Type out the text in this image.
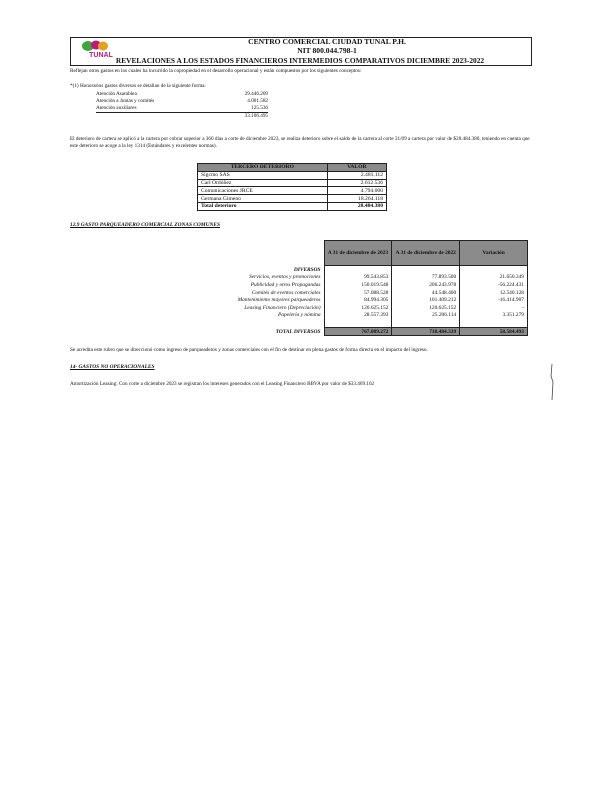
TUNAL
CENTRO COMERCIAL CIUDAD TUNAL P.H.
NIT 800.044.798-1
REVELACIONES A LOS ESTADOS FINANCIEROS INTERMEDIOS COMPARATIVOS DICIEMBRE 2023-2022
Reflejan otros gastos en los cuales ha incurrido la copropiedad en el desarrollo operacional y están compuestos por los siguientes conceptos:
*(1) Honorarios gastos diversos se detallan de la siguiente forma:
Atención Asamblea	29.446.209
Atención a Juntas y comités	4.001.582
Atención auxiliares	125.536
33.106.495
El deterioro de cartera se aplicó a la cartera por cobrar superior a 360 días a corte de diciembre 2023, se realiza deterioro sobre el saldo de la cartera al corte 31/09 a cartera por valor de $28.484.380, teniendo en cuenta que este deterioro se acoge a la ley 1314 (Estándares y excelentes normas).
TERCERO DETERIORO	VALOR
Sigcmo SAS	2.481.112
Carl Ordóñez	2.612.536
Comunicaciones JRCE	4.794.000
Germana Gimeno	18.264.118
Total deterioro	28.484.380
12.9 GASTO PARQUEADERO COMERCIAL ZONAS COMUNES
	A 31 de diciembre de 2023	A 31 de diciembre de 2022	Variación
DIVERSOS			
Servicios, eventos y promociones	99.543.853	77.893.500	21.650.349
Publicidad y otros Propagandas	150.019.548	206.243.978	-56.224.431
Comités de eventos comerciales	57.088.528	44.548.400	12.540.128
Mantenimiento mayores parqueaderos	84.994.305	101.409.212	-16.414.907
Leasing Financiero (Depreciación)	120.625.152	120.625.152	-
Papelería y nómina	28.557.393	25.206.114	3.351.279

TOTAL DIVERSOS	767.089.272	718.484.339	58.584.493
Se acredita este rubro que se direccionó como ingreso de parqueaderos y zonas comerciales con el fin de destinar en plena gastos de forma directa en el impacto del ingreso.
14- GASTOS NO OPERACIONALES
Amortización Leasing: Con corte a diciembre 2023 se registran los intereses generados con el Leasing Financiero BBVA por valor de $33.469.102
